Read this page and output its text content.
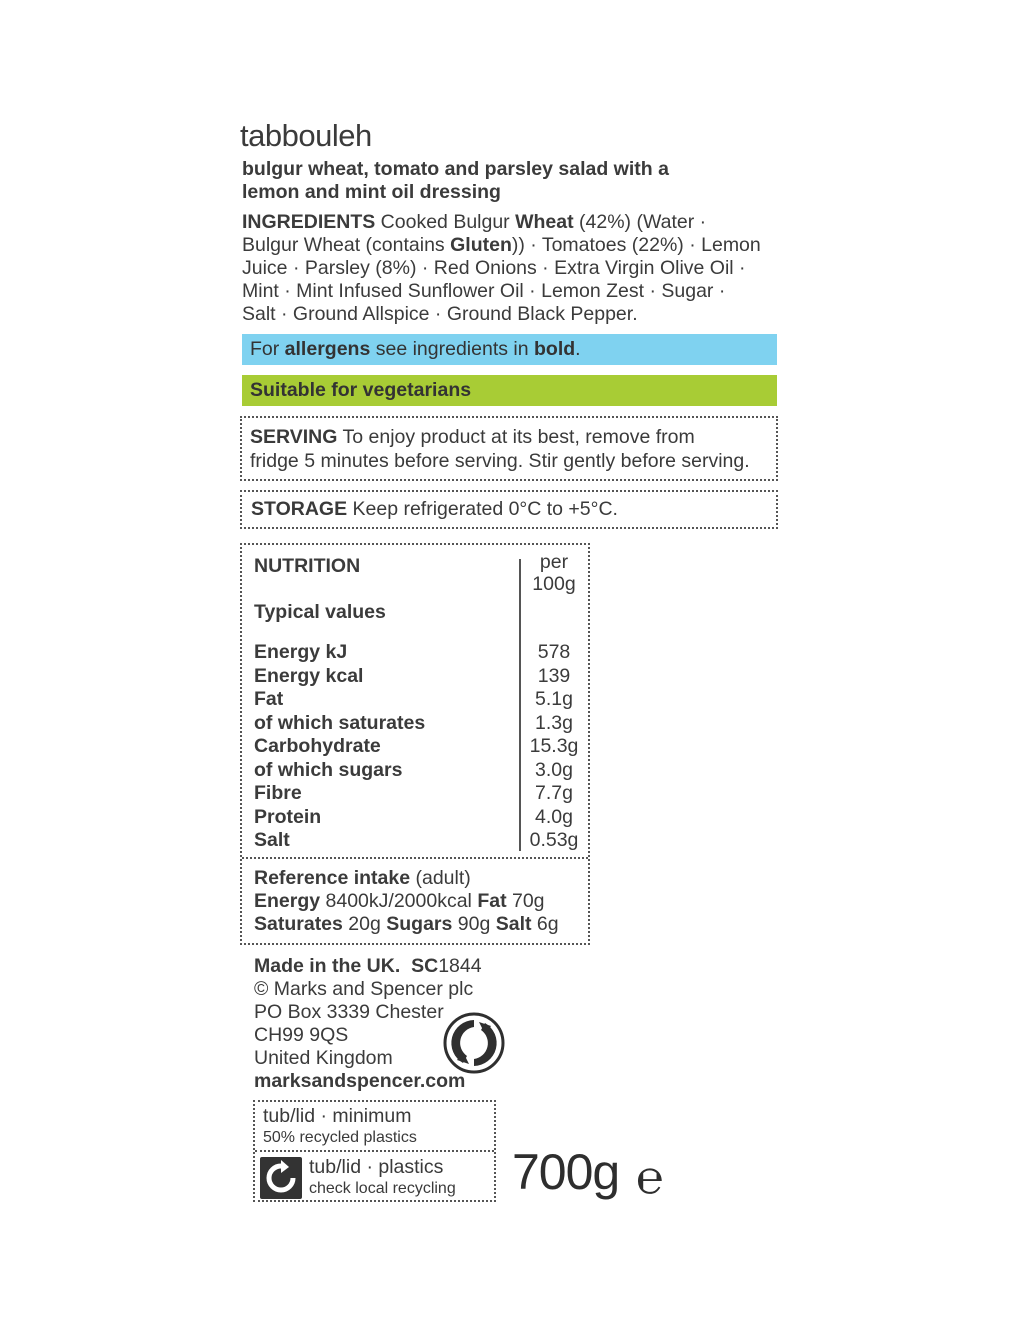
tabbouleh
bulgur wheat, tomato and parsley salad with a
lemon and mint oil dressing
INGREDIENTS Cooked Bulgur Wheat (42%) (Water ·
Bulgur Wheat (contains Gluten)) · Tomatoes (22%) · Lemon
Juice · Parsley (8%) · Red Onions · Extra Virgin Olive Oil ·
Mint · Mint Infused Sunflower Oil · Lemon Zest · Sugar ·
Salt · Ground Allspice · Ground Black Pepper.
For allergens see ingredients in bold.
Suitable for vegetarians
SERVING To enjoy product at its best, remove from
fridge 5 minutes before serving. Stir gently before serving.
STORAGE Keep refrigerated 0°C to +5°C.
NUTRITION	per
100g
Typical values
Energy kJ	578
Energy kcal	139
Fat	5.1g
of which saturates	1.3g
Carbohydrate	15.3g
of which sugars	3.0g
Fibre	7.7g
Protein	4.0g
Salt	0.53g
Reference intake (adult)
Energy 8400kJ/2000kcal Fat 70g
Saturates 20g Sugars 90g Salt 6g
Made in the UK. SC1844
© Marks and Spencer plc
PO Box 3339 Chester
CH99 9QS
United Kingdom
marksandspencer.com
tub/lid · minimum
50% recycled plastics
tub/lid · plastics
check local recycling 700g ℮
